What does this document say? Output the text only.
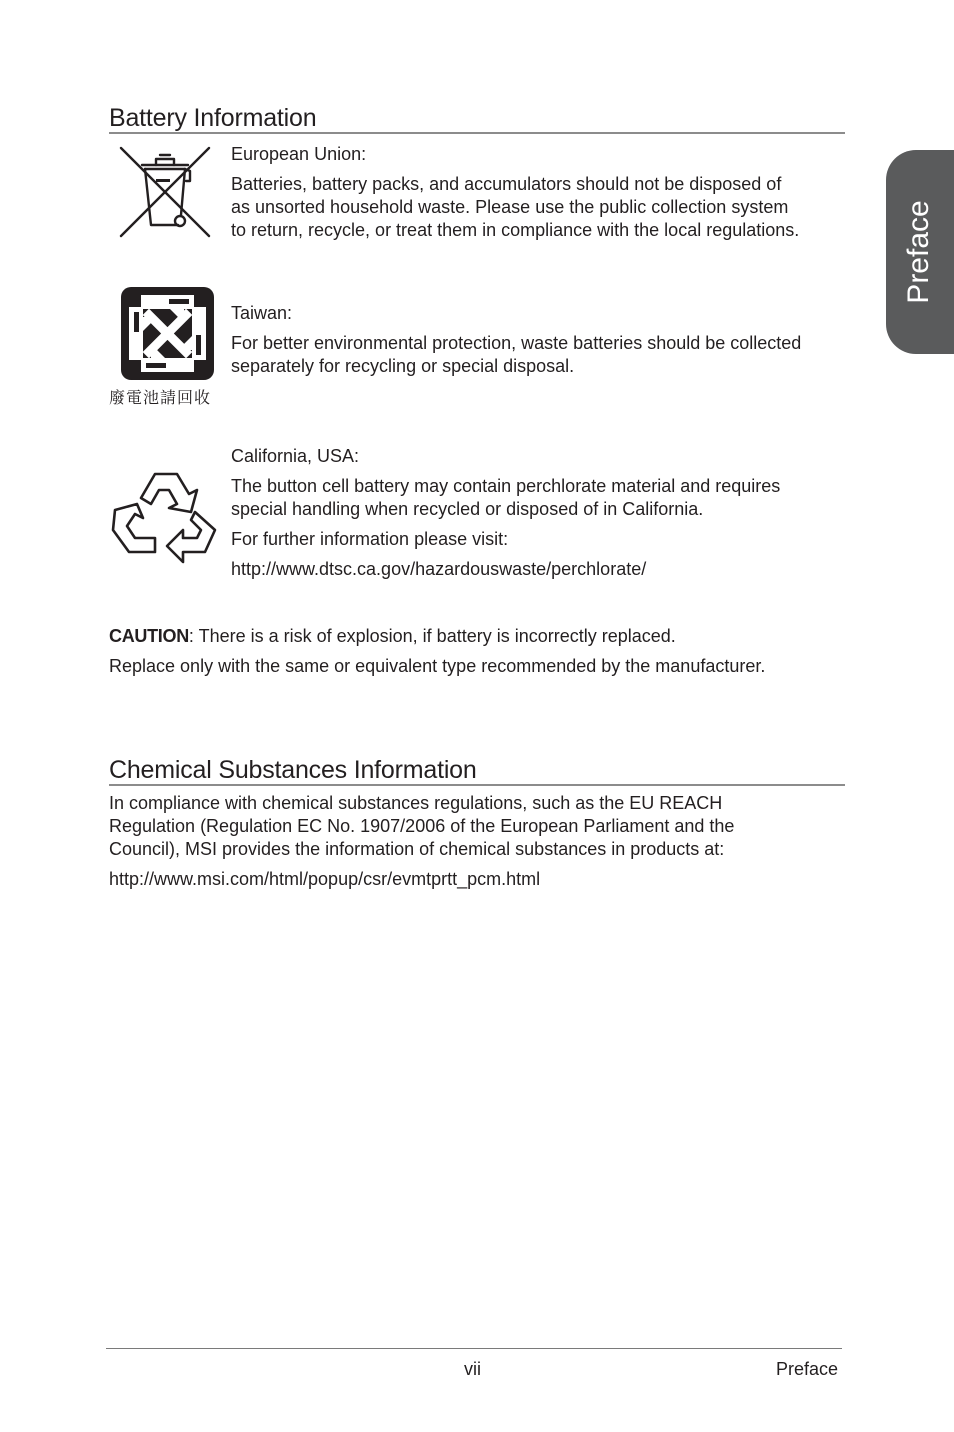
Preface
Battery Information
European Union:
Batteries, battery packs, and accumulators should not be disposed of
as unsorted household waste. Please use the public collection system
to return, recycle, or treat them in compliance with the local regulations.
廢電池請回收
Taiwan:
For better environmental protection, waste batteries should be collected
separately for recycling or special disposal.
California, USA:
The button cell battery may contain perchlorate material and requires
special handling when recycled or disposed of in California.
For further information please visit:
http://www.dtsc.ca.gov/hazardouswaste/perchlorate/
CAUTION: There is a risk of explosion, if battery is incorrectly replaced.
Replace only with the same or equivalent type recommended by the manufacturer.
Chemical Substances Information
In compliance with chemical substances regulations, such as the EU REACH
Regulation (Regulation EC No. 1907/2006 of the European Parliament and the
Council), MSI provides the information of chemical substances in products at:
http://www.msi.com/html/popup/csr/evmtprtt_pcm.html
vii	Preface
